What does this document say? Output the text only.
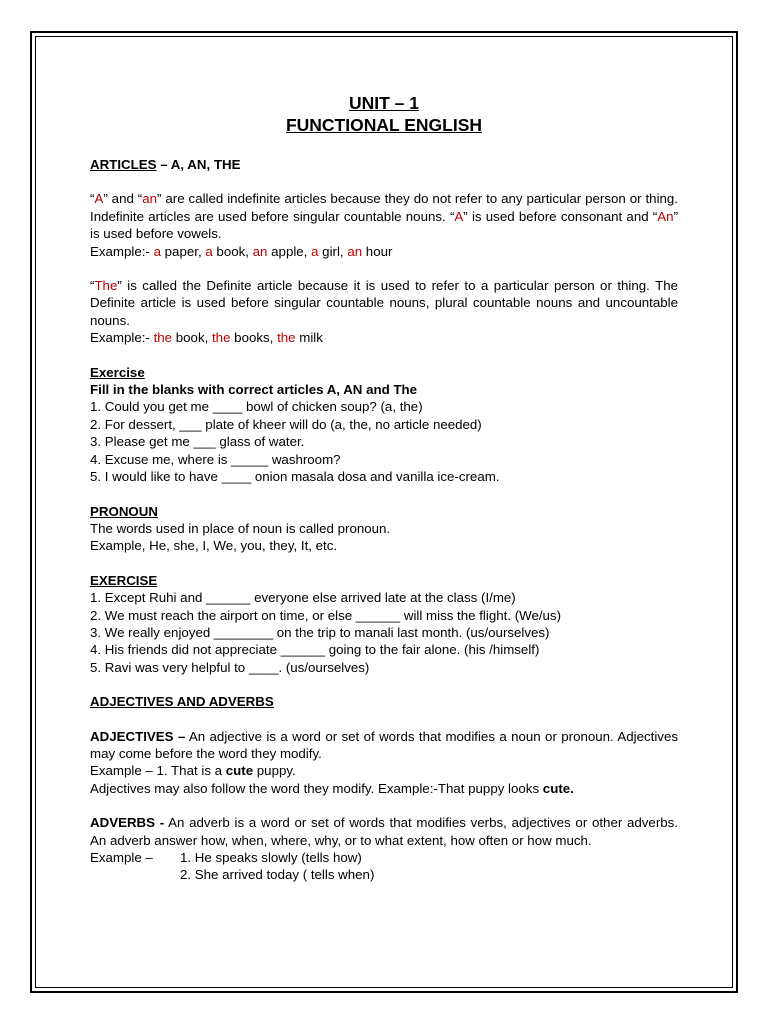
UNIT – 1
FUNCTIONAL ENGLISH

ARTICLES – A, AN, THE

“A” and “an” are called indefinite articles because they do not refer to any particular person or thing. Indefinite articles are used before singular countable nouns. “A” is used before consonant and “An” is used before vowels.

Example:- a paper, a book, an apple, a girl, an hour

“The” is called the Definite article because it is used to refer to a particular person or thing. The Definite article is used before singular countable nouns, plural countable nouns and uncountable nouns.

Example:- the book, the books, the milk

Exercise

Fill in the blanks with correct articles A, AN and The

1. Could you get me ____ bowl of chicken soup? (a, the)

2. For dessert, ___ plate of kheer will do (a, the, no article needed)

3. Please get me ___ glass of water.

4. Excuse me, where is _____ washroom?

5. I would like to have ____ onion masala dosa and vanilla ice-cream.

PRONOUN

The words used in place of noun is called pronoun.

Example, He, she, I, We, you, they, It, etc.

EXERCISE

1. Except Ruhi and ______ everyone else arrived late at the class (I/me)

2. We must reach the airport on time, or else ______ will miss the flight. (We/us)

3. We really enjoyed ________ on the trip to manali last month. (us/ourselves)

4. His friends did not appreciate ______ going to the fair alone. (his /himself)

5. Ravi was very helpful to ____. (us/ourselves)

ADJECTIVES AND ADVERBS

ADJECTIVES – An adjective is a word or set of words that modifies a noun or pronoun. Adjectives may come before the word they modify.

Example – 1. That is a cute puppy.

Adjectives may also follow the word they modify. Example:-That puppy looks cute.

ADVERBS - An adverb is a word or set of words that modifies verbs, adjectives or other adverbs. An adverb answer how, when, where, why, or to what extent, how often or how much.

Example – 1. He speaks slowly (tells how)

2. She arrived today ( tells when)
